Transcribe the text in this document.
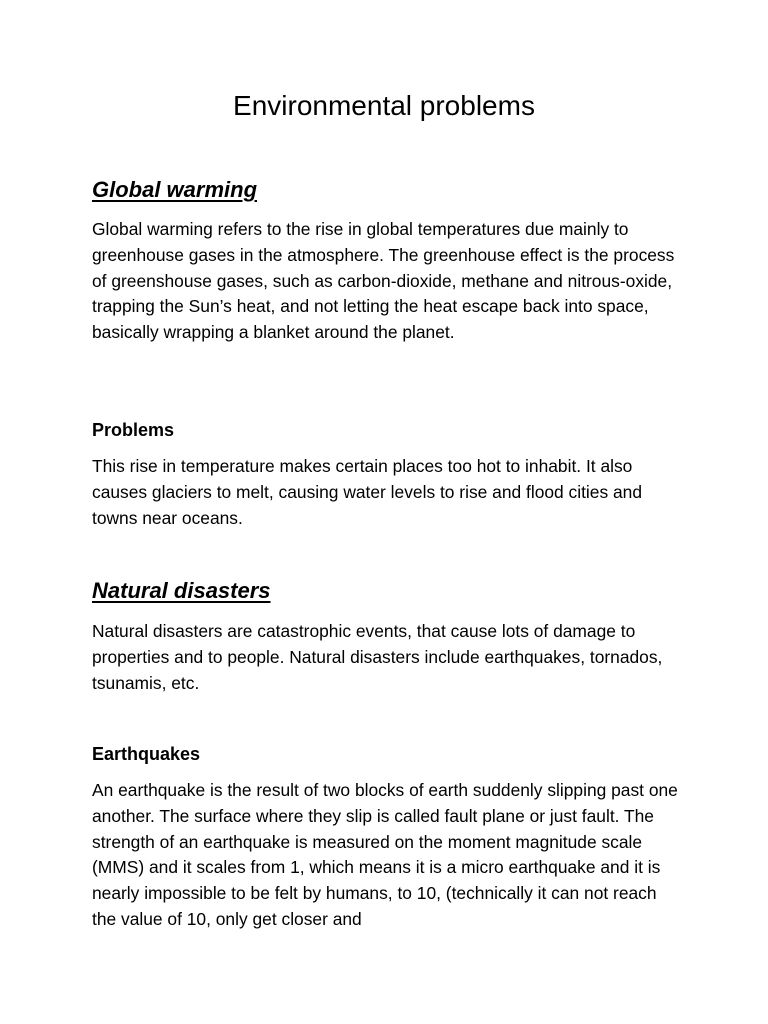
Environmental problems
Global warming

Global warming refers to the rise in global temperatures due mainly to greenhouse gases in the atmosphere. The greenhouse effect is the process of greenshouse gases, such as carbon-dioxide, methane and nitrous-oxide, trapping the Sun’s heat, and not letting the heat escape back into space, basically wrapping a blanket around the planet.

Problems

This rise in temperature makes certain places too hot to inhabit. It also causes glaciers to melt, causing water levels to rise and flood cities and towns near oceans.

Natural disasters

Natural disasters are catastrophic events, that cause lots of damage to properties and to people. Natural disasters include earthquakes, tornados, tsunamis, etc.

Earthquakes

An earthquake is the result of two blocks of earth suddenly slipping past one another. The surface where they slip is called fault plane or just fault. The strength of an earthquake is measured on the moment magnitude scale (MMS) and it scales from 1, which means it is a micro earthquake and it is nearly impossible to be felt by humans, to 10, (technically it can not reach the value of 10, only get closer and
